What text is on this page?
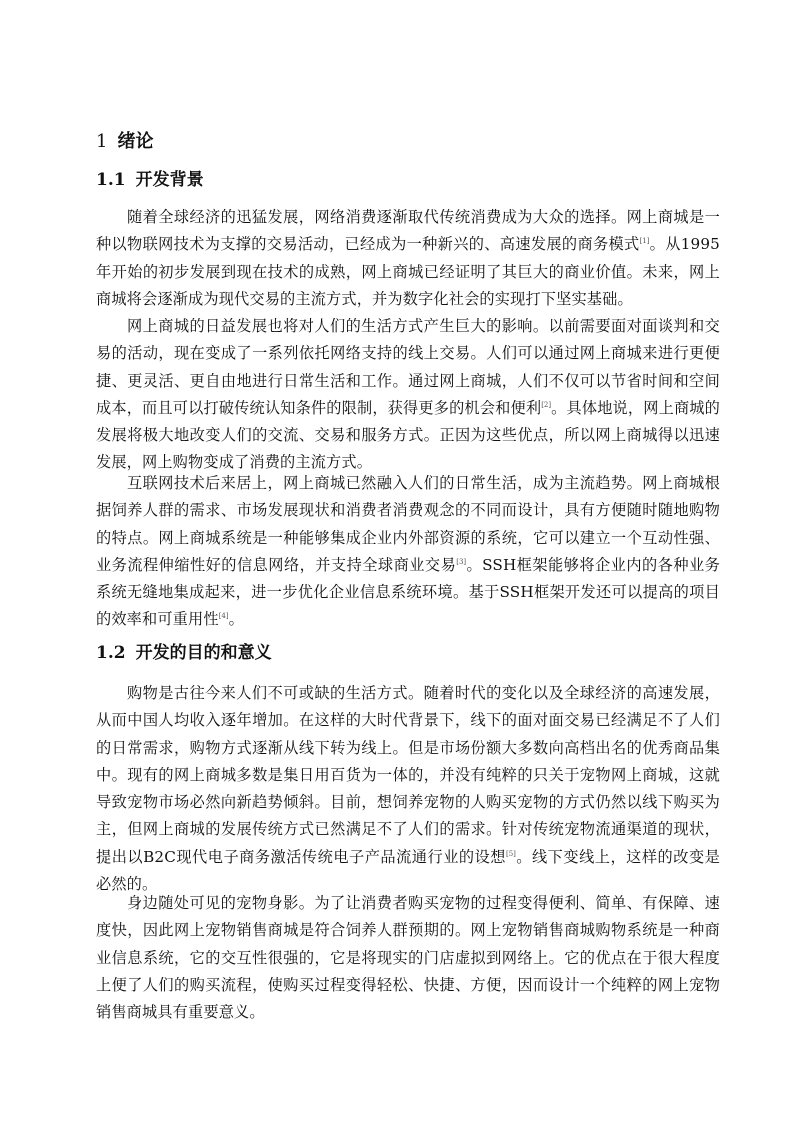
1 绪论
1.1 开发背景

随着全球经济的迅猛发展，网络消费逐渐取代传统消费成为大众的选择。网上商城是一种以物联网技术为支撑的交易活动，已经成为一种新兴的、高速发展的商务模式[1]。从1995年开始的初步发展到现在技术的成熟，网上商城已经证明了其巨大的商业价值。未来，网上商城将会逐渐成为现代交易的主流方式，并为数字化社会的实现打下坚实基础。

网上商城的日益发展也将对人们的生活方式产生巨大的影响。以前需要面对面谈判和交易的活动，现在变成了一系列依托网络支持的线上交易。人们可以通过网上商城来进行更便捷、更灵活、更自由地进行日常生活和工作。通过网上商城，人们不仅可以节省时间和空间成本，而且可以打破传统认知条件的限制，获得更多的机会和便利[2]。具体地说，网上商城的发展将极大地改变人们的交流、交易和服务方式。正因为这些优点，所以网上商城得以迅速发展，网上购物变成了消费的主流方式。

互联网技术后来居上，网上商城已然融入人们的日常生活，成为主流趋势。网上商城根据饲养人群的需求、市场发展现状和消费者消费观念的不同而设计，具有方便随时随地购物的特点。网上商城系统是一种能够集成企业内外部资源的系统，它可以建立一个互动性强、业务流程伸缩性好的信息网络，并支持全球商业交易[3]。SSH框架能够将企业内的各种业务系统无缝地集成起来，进一步优化企业信息系统环境。基于SSH框架开发还可以提高的项目的效率和可重用性[4]。

1.2 开发的目的和意义

购物是古往今来人们不可或缺的生活方式。随着时代的变化以及全球经济的高速发展，从而中国人均收入逐年增加。在这样的大时代背景下，线下的面对面交易已经满足不了人们的日常需求，购物方式逐渐从线下转为线上。但是市场份额大多数向高档出名的优秀商品集中。现有的网上商城多数是集日用百货为一体的，并没有纯粹的只关于宠物网上商城，这就导致宠物市场必然向新趋势倾斜。目前，想饲养宠物的人购买宠物的方式仍然以线下购买为主，但网上商城的发展传统方式已然满足不了人们的需求。针对传统宠物流通渠道的现状，提出以B2C现代电子商务激活传统电子产品流通行业的设想[5]。线下变线上，这样的改变是必然的。

身边随处可见的宠物身影。为了让消费者购买宠物的过程变得便利、简单、有保障、速度快，因此网上宠物销售商城是符合饲养人群预期的。网上宠物销售商城购物系统是一种商业信息系统，它的交互性很强的，它是将现实的门店虚拟到网络上。它的优点在于很大程度上便了人们的购买流程，使购买过程变得轻松、快捷、方便，因而设计一个纯粹的网上宠物销售商城具有重要意义。
